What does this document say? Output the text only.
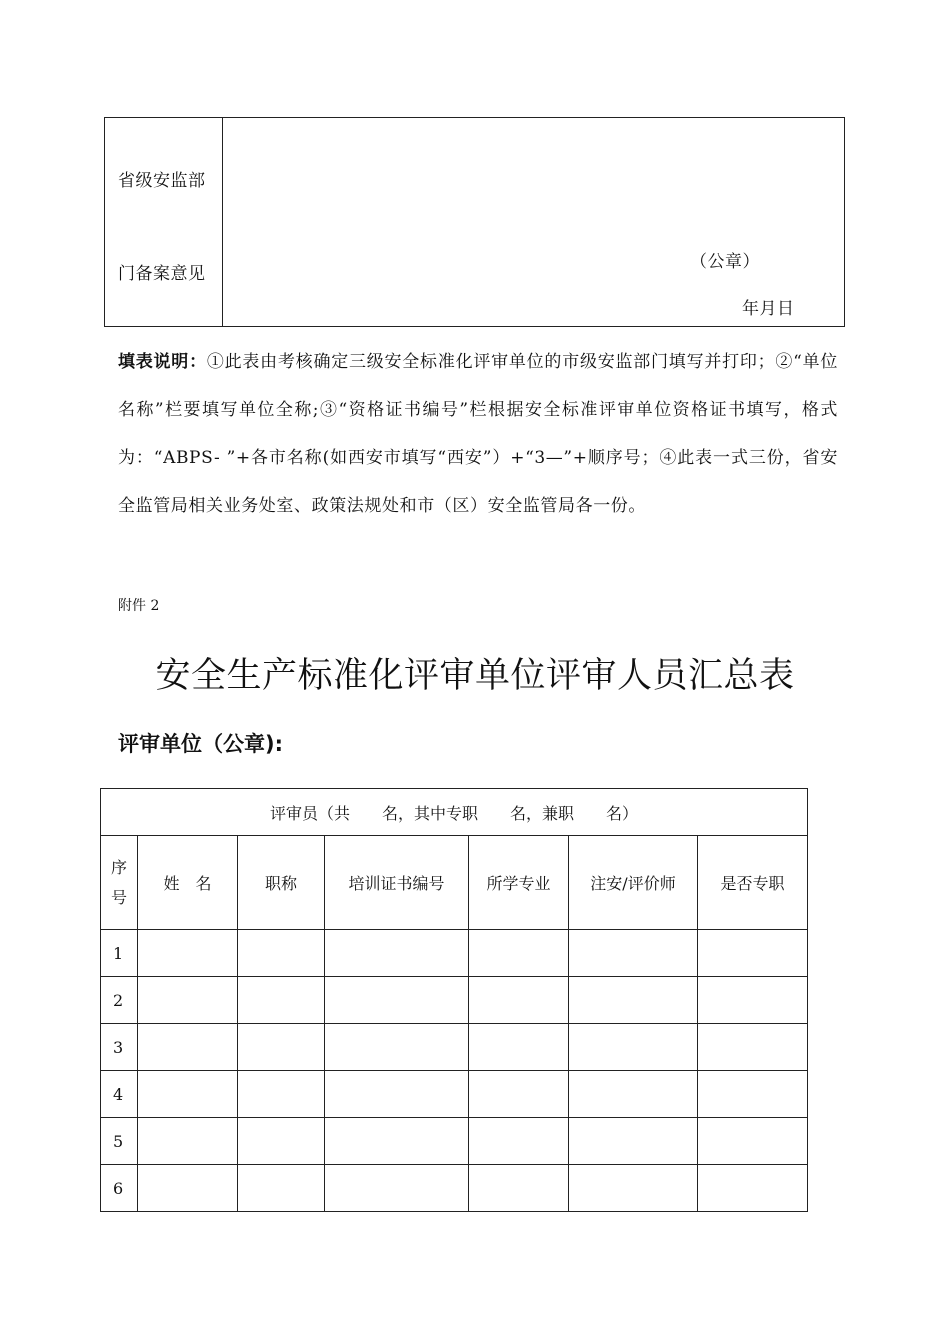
省级安监部
门备案意见
（公章）
年月日
填表说明：①此表由考核确定三级安全标准化评审单位的市级安监部门填写并打印；②“单位名称”栏要填写单位全称;③“资格证书编号”栏根据安全标准评审单位资格证书填写，格式为：“ABPS- ”+各市名称(如西安市填写“西安”）+“3—”+顺序号；④此表一式三份，省安全监管局相关业务处室、政策法规处和市（区）安全监管局各一份。
附件 2
安全生产标准化评审单位评审人员汇总表
评审单位（公章):
评审员（共　　名，其中专职　　名，兼职　　名）						
序号	姓　名	职称	培训证书编号	所学专业	注安/评价师	是否专职
1						
2						
3						
4						
5						
6						
